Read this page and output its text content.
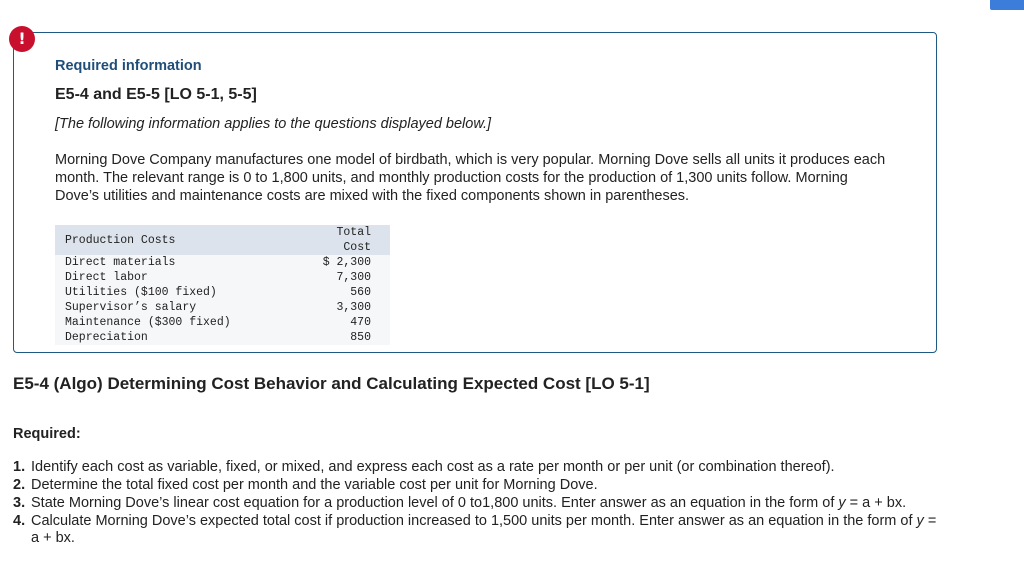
!
Required information
E5-4 and E5-5 [LO 5-1, 5-5]
[The following information applies to the questions displayed below.]
Morning Dove Company manufactures one model of birdbath, which is very popular. Morning Dove sells all units it produces each month. The relevant range is 0 to 1,800 units, and monthly production costs for the production of 1,300 units follow. Morning Dove’s utilities and maintenance costs are mixed with the fixed components shown in parentheses.
Production Costs	Total Cost
Direct materials	$ 2,300
Direct labor	7,300
Utilities ($100 fixed)	560
Supervisor’s salary	3,300
Maintenance ($300 fixed)	470
Depreciation	850
E5-4 (Algo) Determining Cost Behavior and Calculating Expected Cost [LO 5-1]
Required:
1. Identify each cost as variable, fixed, or mixed, and express each cost as a rate per month or per unit (or combination thereof).
2. Determine the total fixed cost per month and the variable cost per unit for Morning Dove.
3. State Morning Dove’s linear cost equation for a production level of 0 to1,800 units. Enter answer as an equation in the form of y = a + bx.
4. Calculate Morning Dove’s expected total cost if production increased to 1,500 units per month. Enter answer as an equation in the form of y = a + bx.
